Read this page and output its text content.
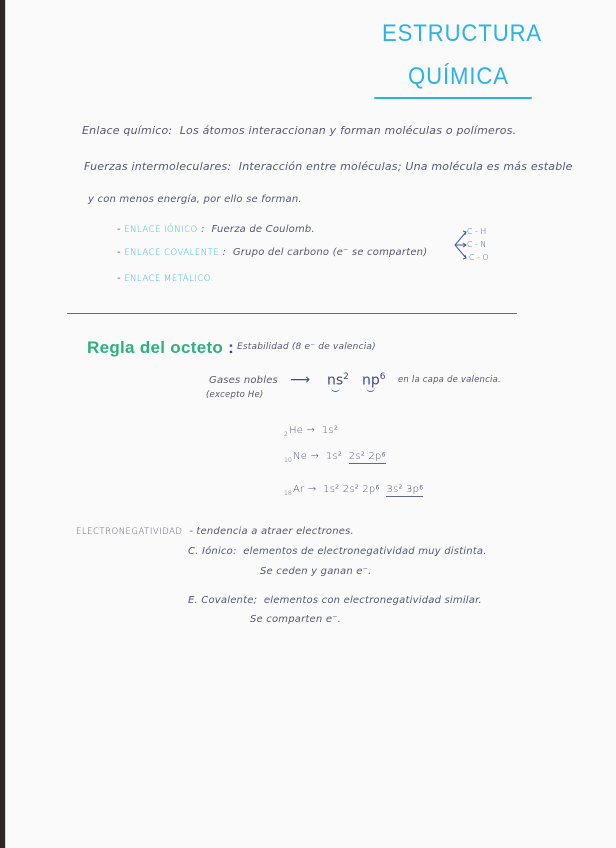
ESTRUCTURA
QUÍMICA
Enlace químico: Los átomos interaccionan y forman moléculas o polímeros.
Fuerzas intermoleculares: Interacción entre moléculas; Una molécula es más estable
y con menos energía, por ello se forman.
- ENLACE IÓNICO : Fuerza de Coulomb.
- ENLACE COVALENTE : Grupo del carbono (e⁻ se comparten)
- ENLACE METÁLICO.
C - H
C - N
C - O
Regla del octeto : Estabilidad (8 e⁻ de valencia)
Gases nobles
(excepto He)
⟶ $ns^2$ $np^6$ en la capa de valencia.
$_2$He → 1s²
$_{10}$Ne → 1s² 2s² 2p⁶
$_{18}$Ar → 1s² 2s² 2p⁶ 3s² 3p⁶
ELECTRONEGATIVIDAD - tendencia a atraer electrones.
C. Iónico: elementos de electronegatividad muy distinta.
Se ceden y ganan e⁻.
E. Covalente; elementos con electronegatividad similar.
Se comparten e⁻.
